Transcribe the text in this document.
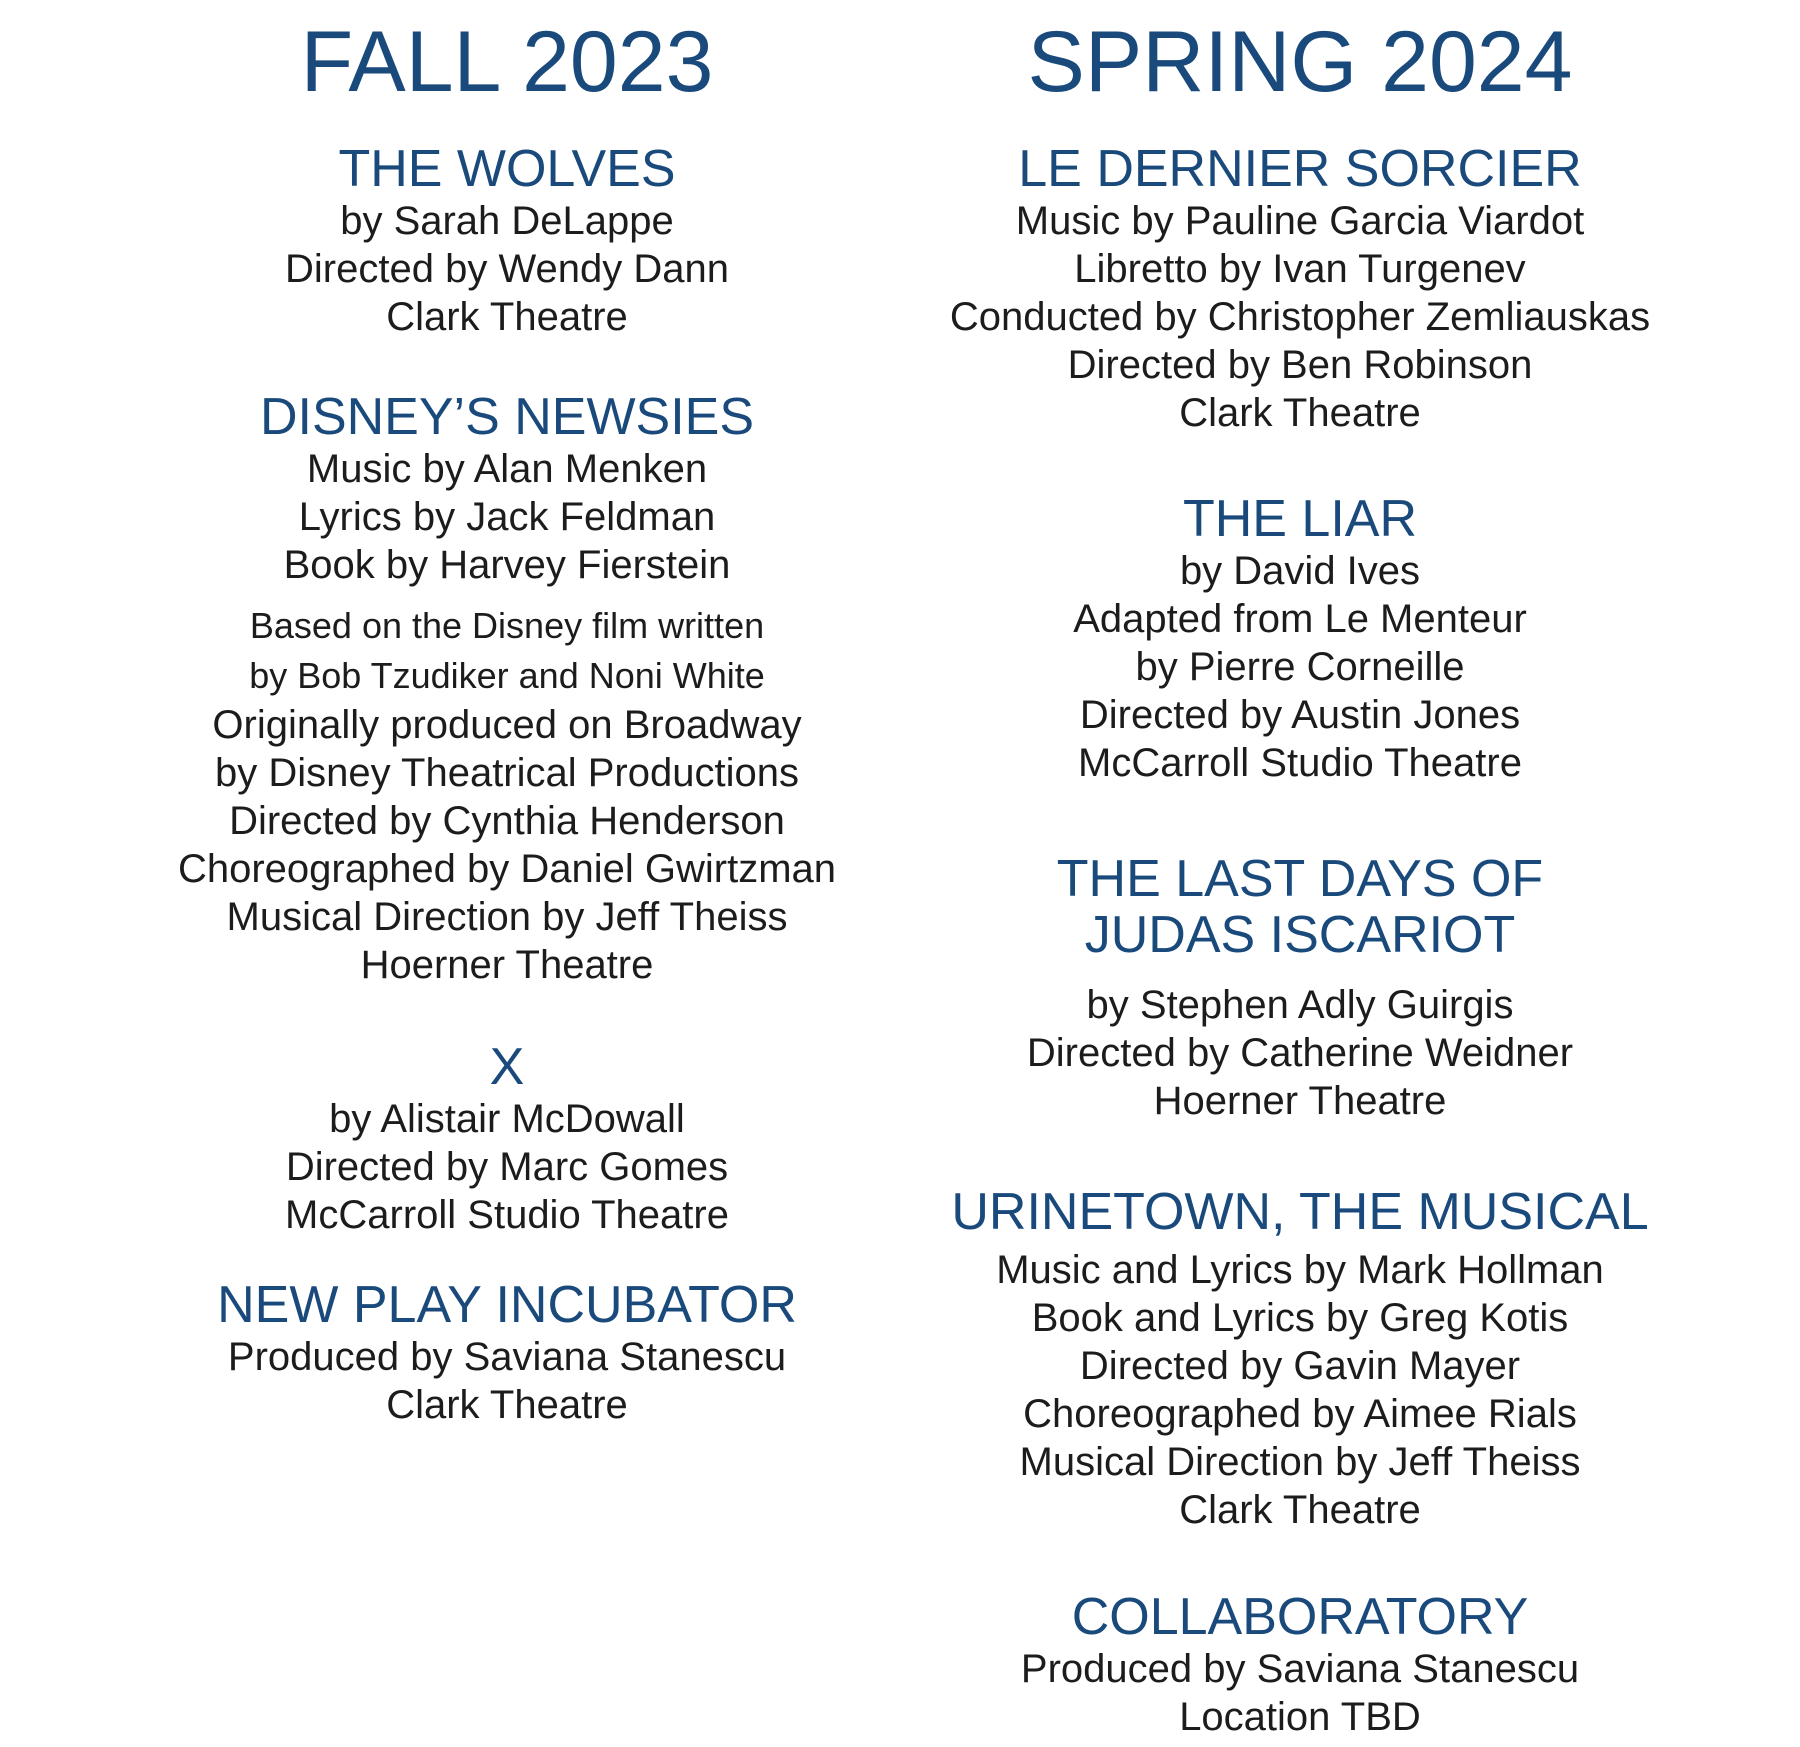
FALL 2023
THE WOLVES
by Sarah DeLappe
Directed by Wendy Dann
Clark Theatre
DISNEY’S NEWSIES
Music by Alan Menken
Lyrics by Jack Feldman
Book by Harvey Fierstein
Based on the Disney film written
by Bob Tzudiker and Noni White
Originally produced on Broadway
by Disney Theatrical Productions
Directed by Cynthia Henderson
Choreographed by Daniel Gwirtzman
Musical Direction by Jeff Theiss
Hoerner Theatre
X
by Alistair McDowall
Directed by Marc Gomes
McCarroll Studio Theatre
NEW PLAY INCUBATOR
Produced by Saviana Stanescu
Clark Theatre
SPRING 2024
LE DERNIER SORCIER
Music by Pauline Garcia Viardot
Libretto by Ivan Turgenev
Conducted by Christopher Zemliauskas
Directed by Ben Robinson
Clark Theatre
THE LIAR
by David Ives
Adapted from Le Menteur
by Pierre Corneille
Directed by Austin Jones
McCarroll Studio Theatre
THE LAST DAYS OF
JUDAS ISCARIOT
by Stephen Adly Guirgis
Directed by Catherine Weidner
Hoerner Theatre
URINETOWN, THE MUSICAL
Music and Lyrics by Mark Hollman
Book and Lyrics by Greg Kotis
Directed by Gavin Mayer
Choreographed by Aimee Rials
Musical Direction by Jeff Theiss
Clark Theatre
COLLABORATORY
Produced by Saviana Stanescu
Location TBD
